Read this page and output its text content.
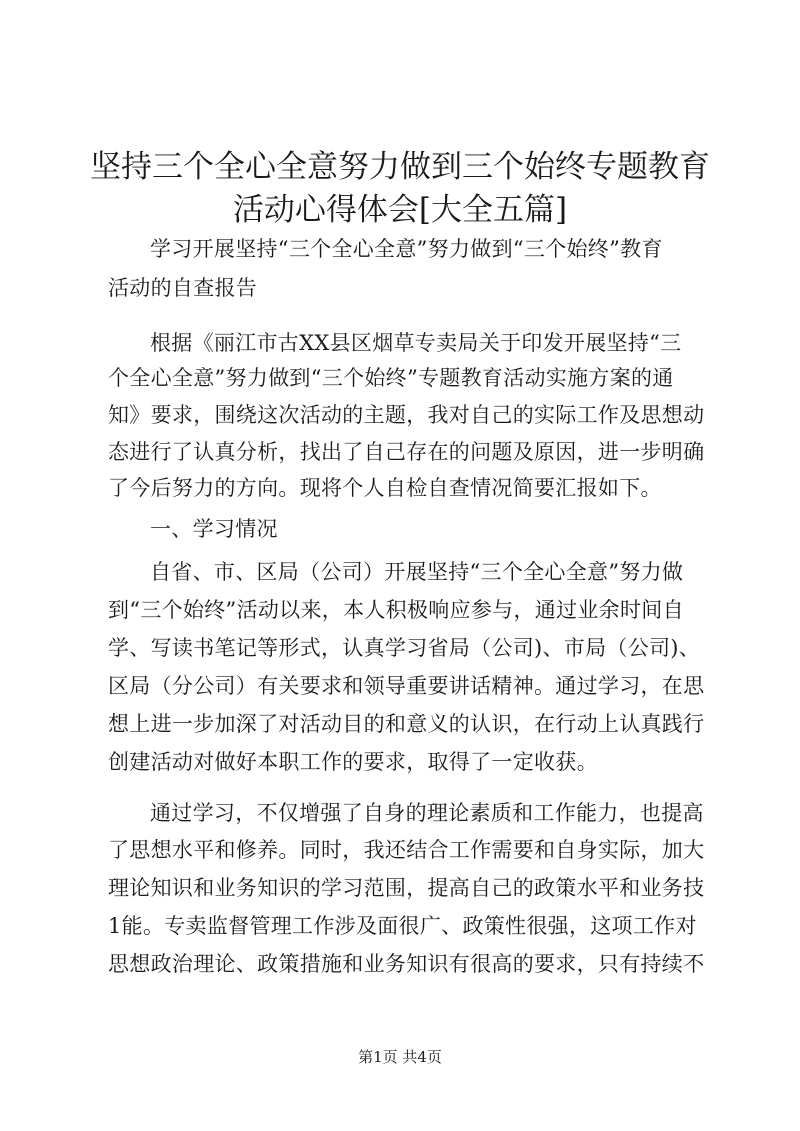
坚持三个全心全意努力做到三个始终专题教育
活动心得体会[大全五篇]
学习开展坚持“三个全心全意”努力做到“三个始终”教育
活动的自查报告
根据《丽江市古XX县区烟草专卖局关于印发开展坚持“三
个全心全意”努力做到“三个始终”专题教育活动实施方案的通
知》要求，围绕这次活动的主题，我对自己的实际工作及思想动
态进行了认真分析，找出了自己存在的问题及原因，进一步明确
了今后努力的方向。现将个人自检自查情况简要汇报如下。
一、学习情况
自省、市、区局（公司）开展坚持“三个全心全意”努力做
到“三个始终”活动以来，本人积极响应参与，通过业余时间自
学、写读书笔记等形式，认真学习省局（公司)、市局（公司)、
区局（分公司）有关要求和领导重要讲话精神。通过学习，在思
想上进一步加深了对活动目的和意义的认识，在行动上认真践行
创建活动对做好本职工作的要求，取得了一定收获。
通过学习，不仅增强了自身的理论素质和工作能力，也提高
了思想水平和修养。同时，我还结合工作需要和自身实际，加大
理论知识和业务知识的学习范围，提高自己的政策水平和业务技
1能。专卖监督管理工作涉及面很广、政策性很强，这项工作对
思想政治理论、政策措施和业务知识有很高的要求，只有持续不
第1页 共4页
